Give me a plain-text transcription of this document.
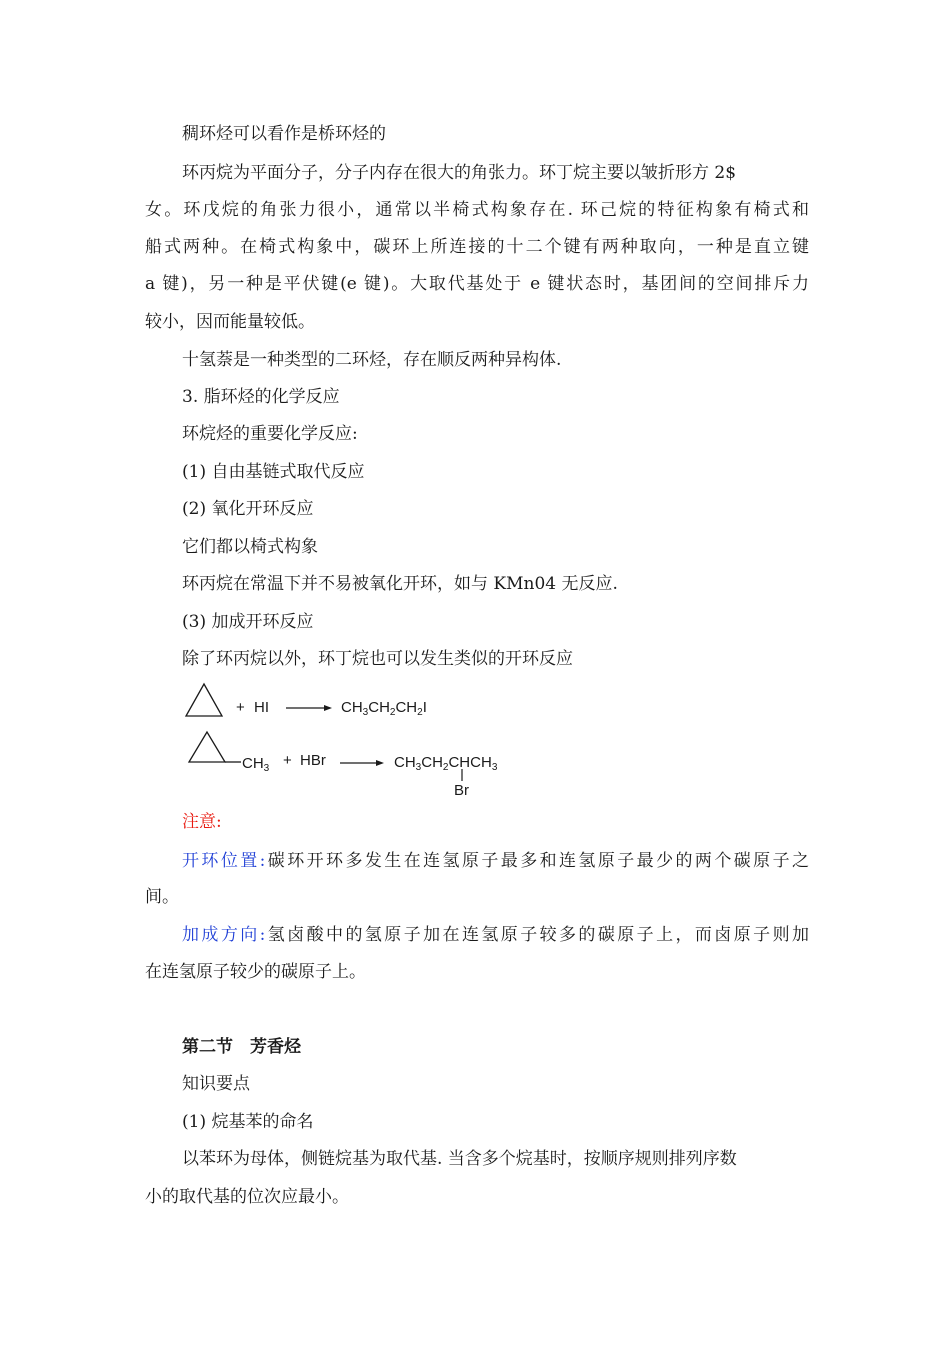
稠环烃可以看作是桥环烃的
环丙烷为平面分子，分子内存在很大的角张力。环丁烷主要以皱折形方 2$
女。环戊烷的角张力很小，通常以半椅式构象存在. 环己烷的特征构象有椅式和
船式两种。在椅式构象中，碳环上所连接的十二个键有两种取向，一种是直立键
a 键)，另一种是平伏键(e 键)。大取代基处于 e 键状态时，基团间的空间排斥力
较小，因而能量较低。
十氢萘是一种类型的二环烃，存在顺反两种异构体.
3. 脂环烃的化学反应
环烷烃的重要化学反应:
(1) 自由基链式取代反应
(2) 氧化开环反应
它们都以椅式构象
环丙烷在常温下并不易被氧化开环，如与 KMn04 无反应.
(3) 加成开环反应
除了环丙烷以外，环丁烷也可以发生类似的开环反应
+ HI	$CH_3CH_2CH_2I$
$CH_3$ + HBr	$CH_3CH_2CHCH_3$
Br
注意:
开环位置:碳环开环多发生在连氢原子最多和连氢原子最少的两个碳原子之
间。
加成方向:氢卤酸中的氢原子加在连氢原子较多的碳原子上，而卤原子则加
在连氢原子较少的碳原子上。
第二节　芳香烃
知识要点
(1) 烷基苯的命名
以苯环为母体，侧链烷基为取代基. 当含多个烷基时，按顺序规则排列序数
小的取代基的位次应最小。
